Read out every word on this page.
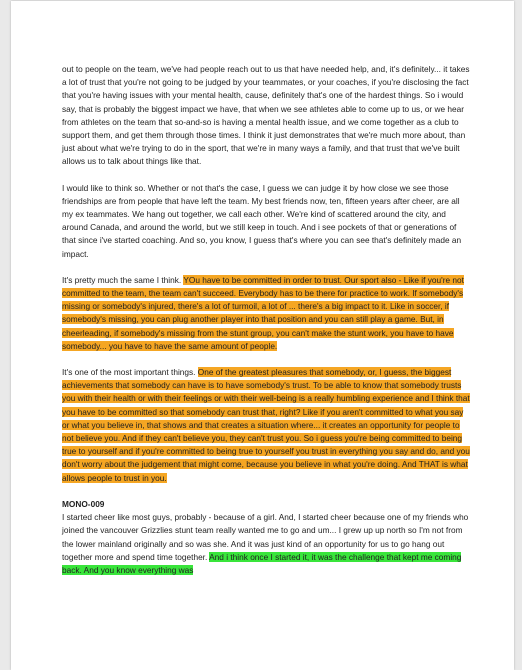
out to people on the team, we've had people reach out to us that have needed help, and, it's definitely... it takes a lot of trust that you're not going to be judged by your teammates, or your coaches, if you're disclosing the fact that you're having issues with your mental health, cause, definitely that's one of the hardest things. So i would say, that is probably the biggest impact we have, that when we see athletes able to come up to us, or we hear from athletes on the team that so-and-so is having a mental health issue, and we come together as a club to support them, and get them through those times. I think it just demonstrates that we're much more about, than just about what we're trying to do in the sport, that we're in many ways a family, and that trust that we've built allows us to talk about things like that.

I would like to think so. Whether or not that's the case, I guess we can judge it by how close we see those friendships are from people that have left the team. My best friends now, ten, fifteen years after cheer, are all my ex teammates. We hang out together, we call each other. We're kind of scattered around the city, and around Canada, and around the world, but we still keep in touch. And i see pockets of that or generations of that since i've started coaching. And so, you know, I guess that's where you can see that's definitely made an impact.

It's pretty much the same I think. YOu have to be committed in order to trust. Our sport also - Like if you're not committed to the team, the team can't succeed. Everybody has to be there for practice to work. If somebody's missing or somebody's injured, there's a lot of turmoil, a lot of ... there's a big impact to it. Like in soccer, if somebody's missing, you can plug another player into that position and you can still play a game. But, in cheerleading, if somebody's missing from the stunt group, you can't make the stunt work, you have to have somebody... you have to have the same amount of people.

It's one of the most important things. One of the greatest pleasures that somebody, or, I guess, the biggest achievements that somebody can have is to have somebody's trust. To be able to know that somebody trusts you with their health or with their feelings or with their well-being is a really humbling experience and I think that you have to be committed so that somebody can trust that, right? Like if you aren't committed to what you say or what you believe in, that shows and that creates a situation where... it creates an opportunity for people to not believe you. And if they can't believe you, they can't trust you. So i guess you're being committed to being true to yourself and if you're committed to being true to yourself you trust in everything you say and do, and you don't worry about the judgement that might come, because you believe in what you're doing. And THAT is what allows people to trust in you.

MONO-009

I started cheer like most guys, probably - because of a girl. And, I started cheer because one of my friends who joined the vancouver Grizzlies stunt team really wanted me to go and um... I grew up up north so I'm not from the lower mainland originally and so was she. And it was just kind of an opportunity for us to go hang out together more and spend time together. And i think once I started it, it was the challenge that kept me coming back. And you know everything was
